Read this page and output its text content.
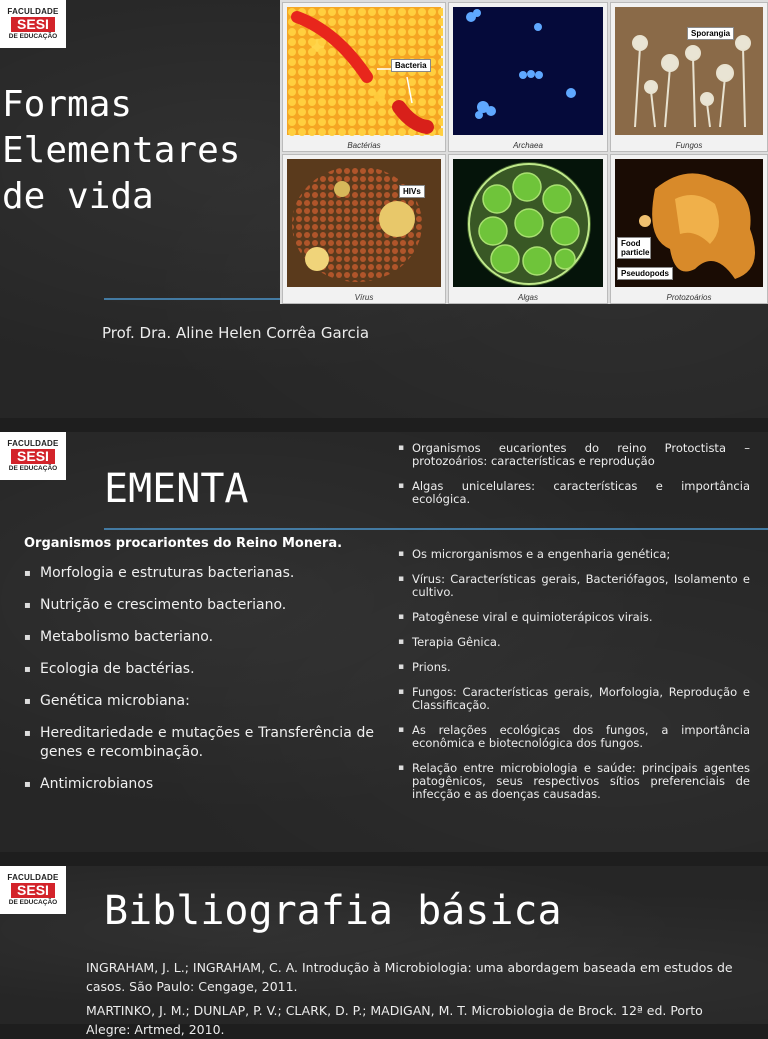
FACULDADE
SESI
DE EDUCAÇÃO
Formas
Elementares
de vida
Prof. Dra. Aline Helen Corrêa Garcia
Bacteria
Bactérias	Archaea
Sporangia
Fungos
HIVs
Vírus	Algas
Food particle
Pseudopods
Protozoários
FACULDADE
SESI
DE EDUCAÇÃO EMENTA
Organismos procariontes do Reino Monera.
▪ Morfologia e estruturas bacterianas.
▪ Nutrição e crescimento bacteriano.
▪ Metabolismo bacteriano.
▪ Ecologia de bactérias.
▪ Genética microbiana:
▪ Hereditariedade e mutações e Transferência de genes e recombinação.
▪ Antimicrobianos
▪ Organismos eucariontes do reino Protoctista – protozoários: características e reprodução
▪ Algas unicelulares: características e importância ecológica.
▪ Os microrganismos e a engenharia genética;
▪ Vírus: Características gerais, Bacteriófagos, Isolamento e cultivo.
▪ Patogênese viral e quimioterápicos virais.
▪ Terapia Gênica.
▪ Prions.
▪ Fungos: Características gerais, Morfologia, Reprodução e Classificação.
▪ As relações ecológicas dos fungos, a importância econômica e biotecnológica dos fungos.
▪ Relação entre microbiologia e saúde: principais agentes patogênicos, seus respectivos sítios preferenciais de infecção e as doenças causadas.
FACULDADE
SESI
DE EDUCAÇÃO Bibliografia básica
INGRAHAM, J. L.; INGRAHAM, C. A. Introdução à Microbiologia: uma abordagem baseada em estudos de casos. São Paulo: Cengage, 2011.
MARTINKO, J. M.; DUNLAP, P. V.; CLARK, D. P.; MADIGAN, M. T. Microbiologia de Brock. 12ª ed. Porto Alegre: Artmed, 2010.
